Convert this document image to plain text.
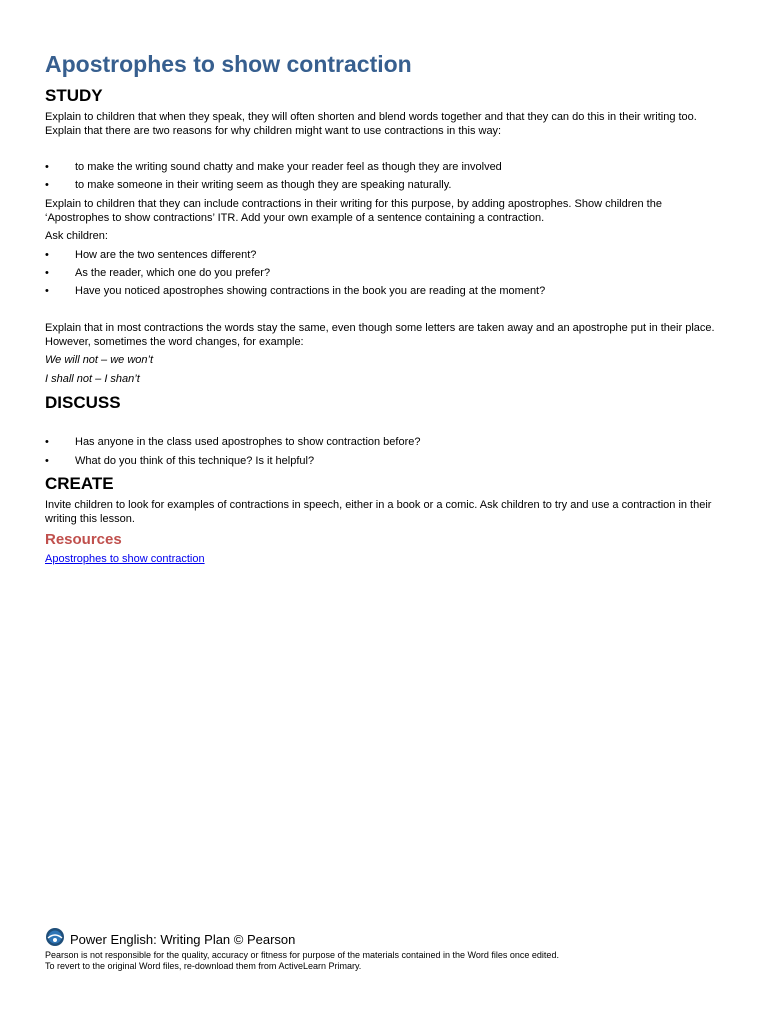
Apostrophes to show contraction
STUDY

Explain to children that when they speak, they will often shorten and blend words together and that they can do this in their writing too. Explain that there are two reasons for why children might want to use contractions in this way:

• to make the writing sound chatty and make your reader feel as though they are involved
• to make someone in their writing seem as though they are speaking naturally.

Explain to children that they can include contractions in their writing for this purpose, by adding apostrophes. Show children the ‘Apostrophes to show contractions’ ITR. Add your own example of a sentence containing a contraction.

Ask children:

• How are the two sentences different?
• As the reader, which one do you prefer?
• Have you noticed apostrophes showing contractions in the book you are reading at the moment?

Explain that in most contractions the words stay the same, even though some letters are taken away and an apostrophe put in their place. However, sometimes the word changes, for example:

We will not – we won’t

I shall not – I shan’t

DISCUSS
• Has anyone in the class used apostrophes to show contraction before?
• What do you think of this technique? Is it helpful?
CREATE

Invite children to look for examples of contractions in speech, either in a book or a comic. Ask children to try and use a contraction in their writing this lesson.

Resources
Apostrophes to show contraction
Power English: Writing Plan © Pearson
Pearson is not responsible for the quality, accuracy or fitness for purpose of the materials contained in the Word files once edited.
To revert to the original Word files, re-download them from ActiveLearn Primary.
